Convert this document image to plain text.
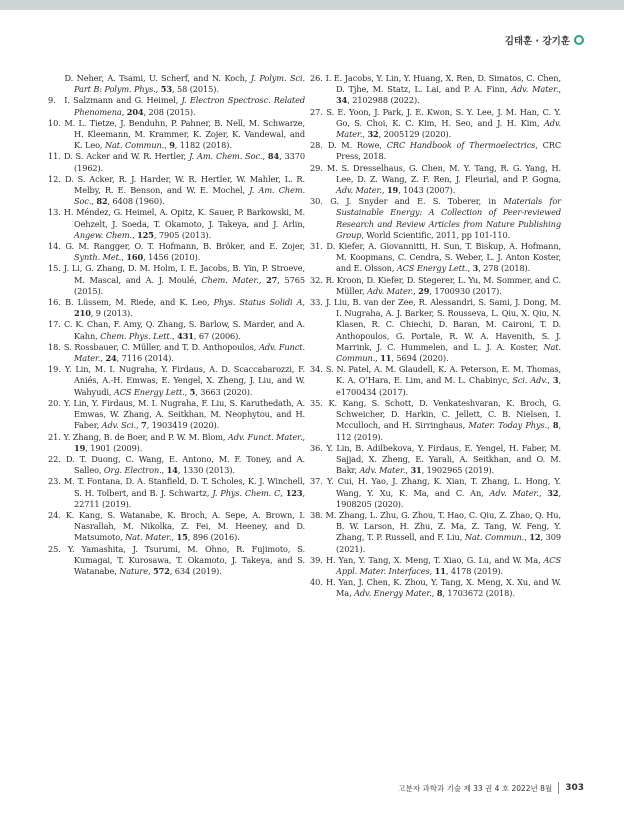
김태훈 · 강기훈

D. Neher, A. Tsami, U. Scherf, and N. Koch, J. Polym. Sci. Part B: Polym. Phys., 53, 58 (2015).

9. I. Salzmann and G. Heimel, J. Electron Spectrosc. Related Phenomena, 204, 208 (2015).

10. M. L. Tietze, J. Benduhn, P. Pahner, B. Nell, M. Schwarze, H. Kleemann, M. Krammer, K. Zojer, K. Vandewal, and K. Leo, Nat. Commun., 9, 1182 (2018).

11. D. S. Acker and W. R. Hertler, J. Am. Chem. Soc., 84, 3370 (1962).

12. D. S. Acker, R. J. Harder, W. R. Hertler, W. Mahler, L. R. Melby, R. E. Benson, and W. E. Mochel, J. Am. Chem. Soc., 82, 6408 (1960).

13. H. Méndez, G. Heimel, A. Opitz, K. Sauer, P. Barkowski, M. Oehzelt, J. Soeda, T. Okamoto, J. Takeya, and J. Arlin, Angew. Chem., 125, 7905 (2013).

14. G. M. Rangger, O. T. Hofmann, B. Bröker, and E. Zojer, Synth. Met., 160, 1456 (2010).

15. J. Li, G. Zhang, D. M. Holm, I. E. Jacobs, B. Yin, P. Stroeve, M. Mascal, and A. J. Moulé, Chem. Mater., 27, 5765 (2015).

16. B. Lüssem, M. Riede, and K. Leo, Phys. Status Solidi A, 210, 9 (2013).

17. C. K. Chan, F. Amy, Q. Zhang, S. Barlow, S. Marder, and A. Kahn, Chem. Phys. Lett., 431, 67 (2006).

18. S. Rossbauer, C. Müller, and T. D. Anthopoulos, Adv. Funct. Mater., 24, 7116 (2014).

19. Y. Lin, M. I. Nugraha, Y. Firdaus, A. D. Scaccabarozzi, F. Aniés, A.-H. Emwas, E. Yengel, X. Zheng, J. Liu, and W. Wahyudi, ACS Energy Lett., 5, 3663 (2020).

20. Y. Lin, Y. Firdaus, M. I. Nugraha, F. Liu, S. Karuthedath, A. Emwas, W. Zhang, A. Seitkhan, M. Neophytou, and H. Faber, Adv. Sci., 7, 1903419 (2020).

21. Y. Zhang, B. de Boer, and P. W. M. Blom, Adv. Funct. Mater., 19, 1901 (2009).

22. D. T. Duong, C. Wang, E. Antono, M. F. Toney, and A. Salleo, Org. Electron., 14, 1330 (2013).

23. M. T. Fontana, D. A. Stanfield, D. T. Scholes, K. J. Winchell, S. H. Tolbert, and B. J. Schwartz, J. Phys. Chem. C, 123, 22711 (2019).

24. K. Kang, S. Watanabe, K. Broch, A. Sepe, A. Brown, I. Nasrallah, M. Nikolka, Z. Fei, M. Heeney, and D. Matsumoto, Nat. Mater., 15, 896 (2016).

25. Y. Yamashita, J. Tsurumi, M. Ohno, R. Fujimoto, S. Kumagai, T. Kurosawa, T. Okamoto, J. Takeya, and S. Watanabe, Nature, 572, 634 (2019).

26. I. E. Jacobs, Y. Lin, Y. Huang, X. Ren, D. Simatos, C. Chen, D. Tjhe, M. Statz, L. Lai, and P. A. Finn, Adv. Mater., 34, 2102988 (2022).

27. S. E. Yoon, J. Park, J. E. Kwon, S. Y. Lee, J. M. Han, C. Y. Go, S. Choi, K. C. Kim, H. Seo, and J. H. Kim, Adv. Mater., 32, 2005129 (2020).

28. D. M. Rowe, CRC Handbook of Thermoelectrics, CRC Press, 2018.

29. M. S. Dresselhaus, G. Chen, M. Y. Tang, R. G. Yang, H. Lee, D. Z. Wang, Z. F. Ren, J. Fleurial, and P. Gogna, Adv. Mater., 19, 1043 (2007).

30. G. J. Snyder and E. S. Toberer, in Materials for Sustainable Energy: A Collection of Peer-reviewed Research and Review Articles from Nature Publishing Group, World Scientific, 2011, pp 101-110.

31. D. Kiefer, A. Giovannitti, H. Sun, T. Biskup, A. Hofmann, M. Koopmans, C. Cendra, S. Weber, L. J. Anton Koster, and E. Olsson, ACS Energy Lett., 3, 278 (2018).

32. R. Kroon, D. Kiefer, D. Stegerer, L. Yu, M. Sommer, and C. Müller, Adv. Mater., 29, 1700930 (2017).

33. J. Liu, B. van der Zee, R. Alessandri, S. Sami, J. Dong, M. I. Nugraha, A. J. Barker, S. Rousseva, L. Qiu, X. Qiu, N. Klasen, R. C. Chiechi, D. Baran, M. Caironi, T. D. Anthopoulos, G. Portale, R. W. A. Havenith, S. J. Marrink, J. C. Hummelen, and L. J. A. Koster, Nat. Commun., 11, 5694 (2020).

34. S. N. Patel, A. M. Glaudell, K. A. Peterson, E. M. Thomas, K. A. O’Hara, E. Lim, and M. L. Chabinyc, Sci. Adv., 3, e1700434 (2017).

35. K. Kang, S. Schott, D. Venkateshvaran, K. Broch, G. Schweicher, D. Harkin, C. Jellett, C. B. Nielsen, I. Mcculloch, and H. Sirringhaus, Mater. Today Phys., 8, 112 (2019).

36. Y. Lin, B. Adilbekova, Y. Firdaus, E. Yengel, H. Faber, M. Sajjad, X. Zheng, E. Yarali, A. Seitkhan, and O. M. Bakr, Adv. Mater., 31, 1902965 (2019).

37. Y. Cui, H. Yao, J. Zhang, K. Xian, T. Zhang, L. Hong, Y. Wang, Y. Xu, K. Ma, and C. An, Adv. Mater., 32, 1908205 (2020).

38. M. Zhang, L. Zhu, G. Zhou, T. Hao, C. Qiu, Z. Zhao, Q. Hu, B. W. Larson, H. Zhu, Z. Ma, Z. Tang, W. Feng, Y. Zhang, T. P. Russell, and F. Liu, Nat. Commun., 12, 309 (2021).

39. H. Yan, Y. Tang, X. Meng, T. Xiao, G. Lu, and W. Ma, ACS Appl. Mater. Interfaces, 11, 4178 (2019).

40. H. Yan, J. Chen, K. Zhou, Y. Tang, X. Meng, X. Xu, and W. Ma, Adv. Energy Mater., 8, 1703672 (2018).

고분자 과학과 기술 제 33 권 4 호 2022년 8월 303
